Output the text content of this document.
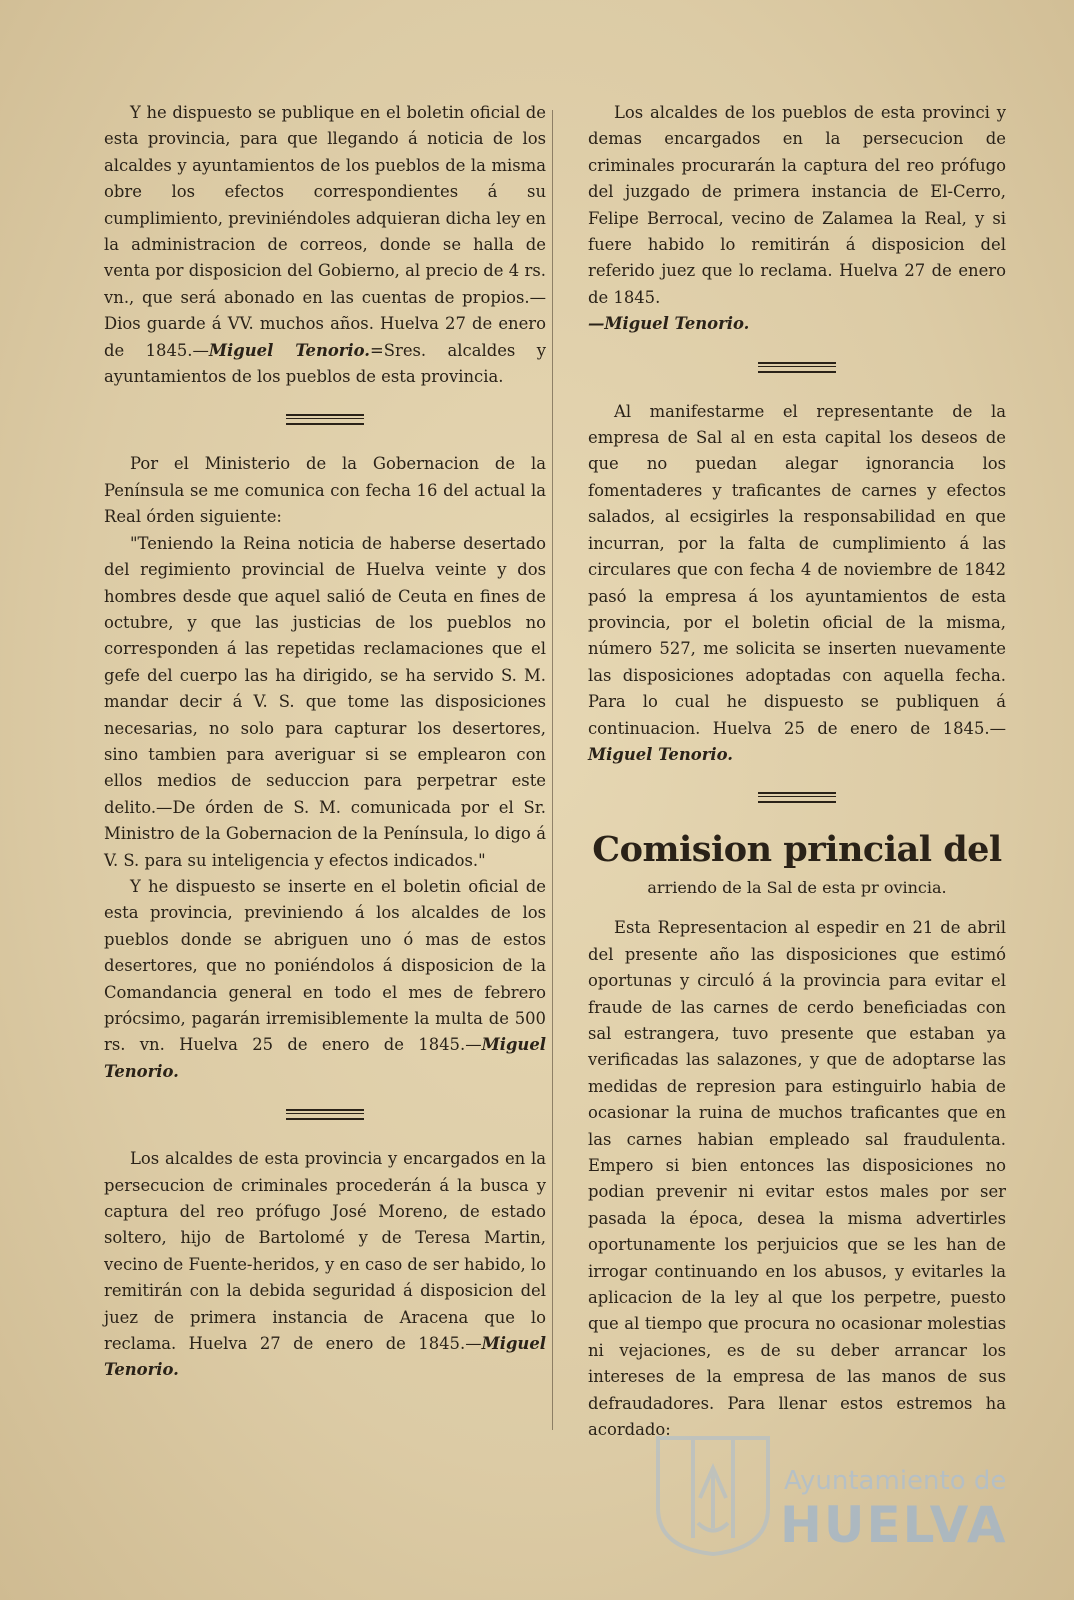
Y he dispuesto se publique en el boletin oficial de esta provincia, para que llegando á noticia de los alcaldes y ayuntamientos de los pueblos de la misma obre los efectos correspondientes á su cumplimiento, previniéndoles adquieran dicha ley en la administracion de correos, donde se halla de venta por disposicion del Gobierno, al precio de 4 rs. vn., que será abonado en las cuentas de propios.—Dios guarde á VV. muchos años. Huelva 27 de enero de 1845.—Miguel Tenorio.=Sres. alcaldes y ayuntamientos de los pueblos de esta provincia.

Por el Ministerio de la Gobernacion de la Península se me comunica con fecha 16 del actual la Real órden siguiente:

"Teniendo la Reina noticia de haberse desertado del regimiento provincial de Huelva veinte y dos hombres desde que aquel salió de Ceuta en fines de octubre, y que las justicias de los pueblos no corresponden á las repetidas reclamaciones que el gefe del cuerpo las ha dirigido, se ha servido S. M. mandar decir á V. S. que tome las disposiciones necesarias, no solo para capturar los desertores, sino tambien para averiguar si se emplearon con ellos medios de seduccion para perpetrar este delito.—De órden de S. M. comunicada por el Sr. Ministro de la Gobernacion de la Península, lo digo á V. S. para su inteligencia y efectos indicados."

Y he dispuesto se inserte en el boletin oficial de esta provincia, previniendo á los alcaldes de los pueblos donde se abriguen uno ó mas de estos desertores, que no poniéndolos á disposicion de la Comandancia general en todo el mes de febrero prócsimo, pagarán irremisiblemente la multa de 500 rs. vn. Huelva 25 de enero de 1845.—Miguel Tenorio.

Los alcaldes de esta provincia y encargados en la persecucion de criminales procederán á la busca y captura del reo prófugo José Moreno, de estado soltero, hijo de Bartolomé y de Teresa Martin, vecino de Fuente-heridos, y en caso de ser habido, lo remitirán con la debida seguridad á disposicion del juez de primera instancia de Aracena que lo reclama. Huelva 27 de enero de 1845.—Miguel Tenorio.

Los alcaldes de los pueblos de esta provinci y demas encargados en la persecucion de criminales procurarán la captura del reo prófugo del juzgado de primera instancia de El-Cerro, Felipe Berrocal, vecino de Zalamea la Real, y si fuere habido lo remitirán á disposicion del referido juez que lo reclama. Huelva 27 de enero de 1845.
—Miguel Tenorio.

Al manifestarme el representante de la empresa de Sal al en esta capital los deseos de que no puedan alegar ignorancia los fomentaderes y traficantes de carnes y efectos salados, al ecsigirles la responsabilidad en que incurran, por la falta de cumplimiento á las circulares que con fecha 4 de noviembre de 1842 pasó la empresa á los ayuntamientos de esta provincia, por el boletin oficial de la misma, número 527, me solicita se inserten nuevamente las disposiciones adoptadas con aquella fecha. Para lo cual he dispuesto se publiquen á continuacion. Huelva 25 de enero de 1845.—Miguel Tenorio.

Comision princial del
arriendo de la Sal de esta pr ovincia.

Esta Representacion al espedir en 21 de abril del presente año las disposiciones que estimó oportunas y circuló á la provincia para evitar el fraude de las carnes de cerdo beneficiadas con sal estrangera, tuvo presente que estaban ya verificadas las salazones, y que de adoptarse las medidas de represion para estinguirlo habia de ocasionar la ruina de muchos traficantes que en las carnes habian empleado sal fraudulenta. Empero si bien entonces las disposiciones no podian prevenir ni evitar estos males por ser pasada la época, desea la misma advertirles oportunamente los perjuicios que se les han de irrogar continuando en los abusos, y evitarles la aplicacion de la ley al que los perpetre, puesto que al tiempo que procura no ocasionar molestias ni vejaciones, es de su deber arrancar los intereses de la empresa de las manos de sus defraudadores. Para llenar estos estremos ha acordado:

Ayuntamiento de
HUELVA
